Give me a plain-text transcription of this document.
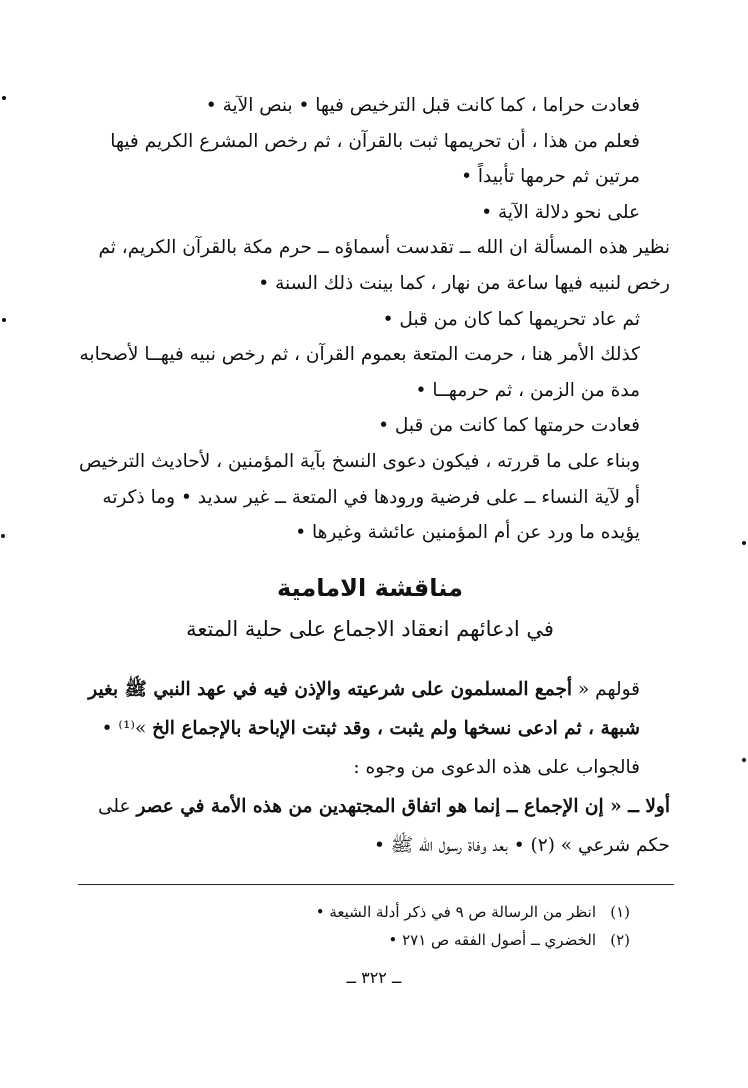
فعادت حراما ، كما كانت قبل الترخيص فيها • بنص الآية •

فعلم من هذا ، أن تحريمها ثبت بالقرآن ، ثم رخص المشرع الكريم فيها مرتين ثم حرمها تأبيداً •

على نحو دلالة الآية •

نظير هذه المسألة ان الله ــ تقدست أسماؤه ــ حرم مكة بالقرآن الكريم، ثم رخص لنبيه فيها ساعة من نهار ، كما بينت ذلك السنة •

ثم عاد تحريمها كما كان من قبل •

كذلك الأمر هنا ، حرمت المتعة بعموم القرآن ، ثم رخص نبيه فيهــا لأصحابه مدة من الزمن ، ثم حرمهــا •

فعادت حرمتها كما كانت من قبل •

وبناء على ما قررته ، فيكون دعوى النسخ بآية المؤمنين ، لأحاديث الترخيص أو لآية النساء ــ على فرضية ورودها في المتعة ــ غير سديد • وما ذكرته يؤيده ما ورد عن أم المؤمنين عائشة وغيرها •

مناقشة الامامية
في ادعائهم انعقاد الاجماع على حلية المتعة

قولهم « أجمع المسلمون على شرعيته والإذن فيه في عهد النبي ﷺ بغير شبهة ، ثم ادعى نسخها ولم يثبت ، وقد ثبتت الإباحة بالإجماع الخ »⁽¹⁾ •

فالجواب على هذه الدعوى من وجوه :

أولا ــ « إن الإجماع ــ إنما هو اتفاق المجتهدين من هذه الأمة في عصر على حكم شرعي » (٢) • بعد وفاة رسول الله ﷺ •

(١)انظر من الرسالة ص ٩ في ذكر أدلة الشيعة •
(٢)الخضري ــ أصول الفقه ص ٢٧١ •
ــ ٣٢٢ ــ
